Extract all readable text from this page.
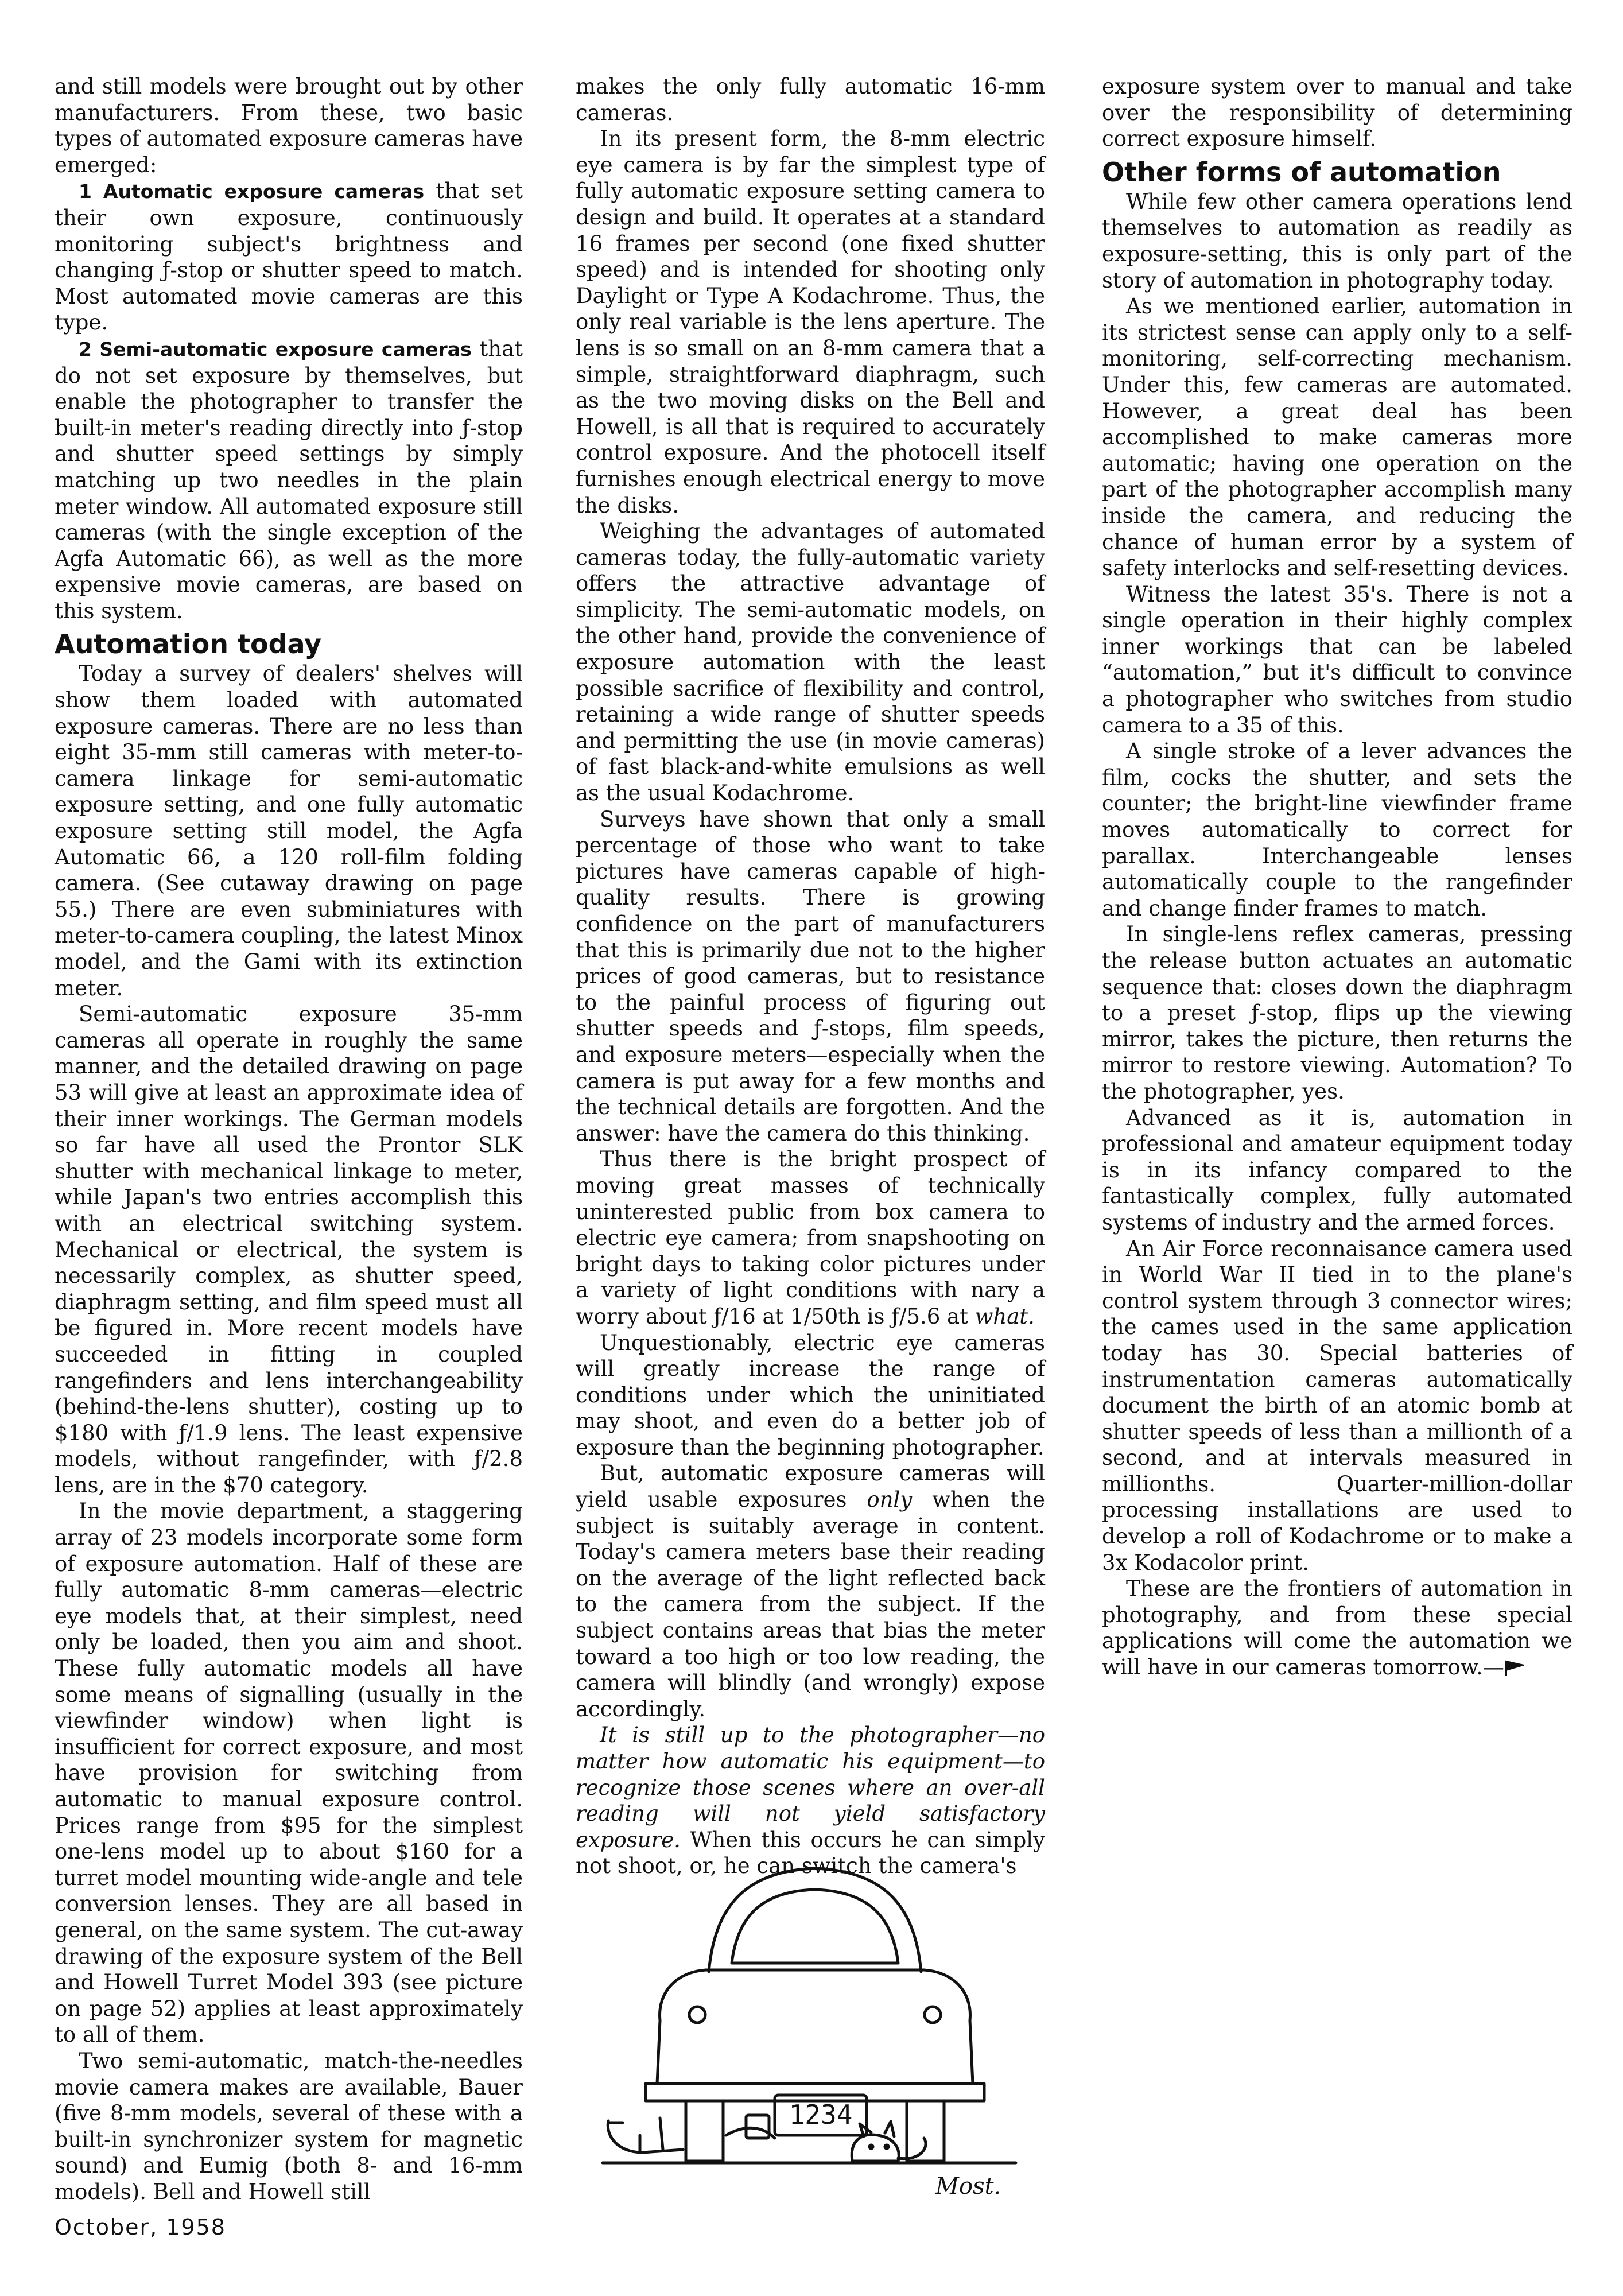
and still models were brought out by other manufacturers. From these, two basic types of automated exposure cameras have emerged:

1 Automatic exposure cameras that set their own exposure, continuously monitoring subject's brightness and changing ƒ-stop or shutter speed to match. Most automated movie cameras are this type.

2 Semi-automatic exposure cameras that do not set exposure by themselves, but enable the photographer to transfer the built-in meter's reading directly into ƒ-stop and shutter speed settings by simply matching up two needles in the plain meter window. All automated exposure still cameras (with the single exception of the Agfa Automatic 66), as well as the more expensive movie cameras, are based on this system.

Automation today

Today a survey of dealers' shelves will show them loaded with automated exposure cameras. There are no less than eight 35-mm still cameras with meter-to-camera linkage for semi-automatic exposure setting, and one fully automatic exposure setting still model, the Agfa Automatic 66, a 120 roll-film folding camera. (See cutaway drawing on page 55.) There are even subminiatures with meter-to-camera coupling, the latest Minox model, and the Gami with its extinction meter.

Semi-automatic exposure 35-mm cameras all operate in roughly the same manner, and the detailed drawing on page 53 will give at least an approximate idea of their inner workings. The German models so far have all used the Prontor SLK shutter with mechanical linkage to meter, while Japan's two entries accomplish this with an electrical switching system. Mechanical or electrical, the system is necessarily complex, as shutter speed, diaphragm setting, and film speed must all be figured in. More recent models have succeeded in fitting in coupled rangefinders and lens interchangeability (behind-the-lens shutter), costing up to $180 with ƒ/1.9 lens. The least expensive models, without rangefinder, with ƒ/2.8 lens, are in the $70 category.

In the movie department, a staggering array of 23 models incorporate some form of exposure automation. Half of these are fully automatic 8-mm cameras—electric eye models that, at their simplest, need only be loaded, then you aim and shoot. These fully automatic models all have some means of signalling (usually in the viewfinder window) when light is insufficient for correct exposure, and most have provision for switching from automatic to manual exposure control. Prices range from $95 for the simplest one-lens model up to about $160 for a turret model mounting wide-angle and tele conversion lenses. They are all based in general, on the same system. The cut-away drawing of the exposure system of the Bell and Howell Turret Model 393 (see picture on page 52) applies at least approximately to all of them.

Two semi-automatic, match-the-needles movie camera makes are available, Bauer (five 8-mm models, several of these with a built-in synchronizer system for magnetic sound) and Eumig (both 8- and 16-mm models). Bell and Howell still

makes the only fully automatic 16-mm cameras.

In its present form, the 8-mm electric eye camera is by far the simplest type of fully automatic exposure setting camera to design and build. It operates at a standard 16 frames per second (one fixed shutter speed) and is intended for shooting only Daylight or Type A Kodachrome. Thus, the only real variable is the lens aperture. The lens is so small on an 8-mm camera that a simple, straightforward diaphragm, such as the two moving disks on the Bell and Howell, is all that is required to accurately control exposure. And the photocell itself furnishes enough electrical energy to move the disks.

Weighing the advantages of automated cameras today, the fully-automatic variety offers the attractive advantage of simplicity. The semi-automatic models, on the other hand, provide the convenience of exposure automation with the least possible sacrifice of flexibility and control, retaining a wide range of shutter speeds and permitting the use (in movie cameras) of fast black-and-white emulsions as well as the usual Kodachrome.

Surveys have shown that only a small percentage of those who want to take pictures have cameras capable of high-quality results. There is growing confidence on the part of manufacturers that this is primarily due not to the higher prices of good cameras, but to resistance to the painful process of figuring out shutter speeds and ƒ-stops, film speeds, and exposure meters—especially when the camera is put away for a few months and the technical details are forgotten. And the answer: have the camera do this thinking.

Thus there is the bright prospect of moving great masses of technically uninterested public from box camera to electric eye camera; from snapshooting on bright days to taking color pictures under a variety of light conditions with nary a worry about ƒ/16 at 1/50th is ƒ/5.6 at what.

Unquestionably, electric eye cameras will greatly increase the range of conditions under which the uninitiated may shoot, and even do a better job of exposure than the beginning photographer.

But, automatic exposure cameras will yield usable exposures only when the subject is suitably average in content. Today's camera meters base their reading on the average of the light reflected back to the camera from the subject. If the subject contains areas that bias the meter toward a too high or too low reading, the camera will blindly (and wrongly) expose accordingly.

It is still up to the photographer—no matter how automatic his equipment—to recognize those scenes where an over-all reading will not yield satisfactory exposure. When this occurs he can simply not shoot, or, he can switch the camera's

exposure system over to manual and take over the responsibility of determining correct exposure himself.

Other forms of automation

While few other camera operations lend themselves to automation as readily as exposure-setting, this is only part of the story of automation in photography today.

As we mentioned earlier, automation in its strictest sense can apply only to a self-monitoring, self-correcting mechanism. Under this, few cameras are automated. However, a great deal has been accomplished to make cameras more automatic; having one operation on the part of the photographer accomplish many inside the camera, and reducing the chance of human error by a system of safety interlocks and self-resetting devices.

Witness the latest 35's. There is not a single operation in their highly complex inner workings that can be labeled “automation,” but it's difficult to convince a photographer who switches from studio camera to a 35 of this.

A single stroke of a lever advances the film, cocks the shutter, and sets the counter; the bright-line viewfinder frame moves automatically to correct for parallax. Interchangeable lenses automatically couple to the rangefinder and change finder frames to match.

In single-lens reflex cameras, pressing the release button actuates an automatic sequence that: closes down the diaphragm to a preset ƒ-stop, flips up the viewing mirror, takes the picture, then returns the mirror to restore viewing. Automation? To the photographer, yes.

Advanced as it is, automation in professional and amateur equipment today is in its infancy compared to the fantastically complex, fully automated systems of industry and the armed forces.

An Air Force reconnaisance camera used in World War II tied in to the plane's control system through 3 connector wires; the cames used in the same application today has 30. Special batteries of instrumentation cameras automatically document the birth of an atomic bomb at shutter speeds of less than a millionth of a second, and at intervals measured in millionths. Quarter-million-dollar processing installations are used to develop a roll of Kodachrome or to make a 3x Kodacolor print.

These are the frontiers of automation in photography, and from these special applications will come the automation we will have in our cameras tomorrow.—

1234
Most.
October, 1958
